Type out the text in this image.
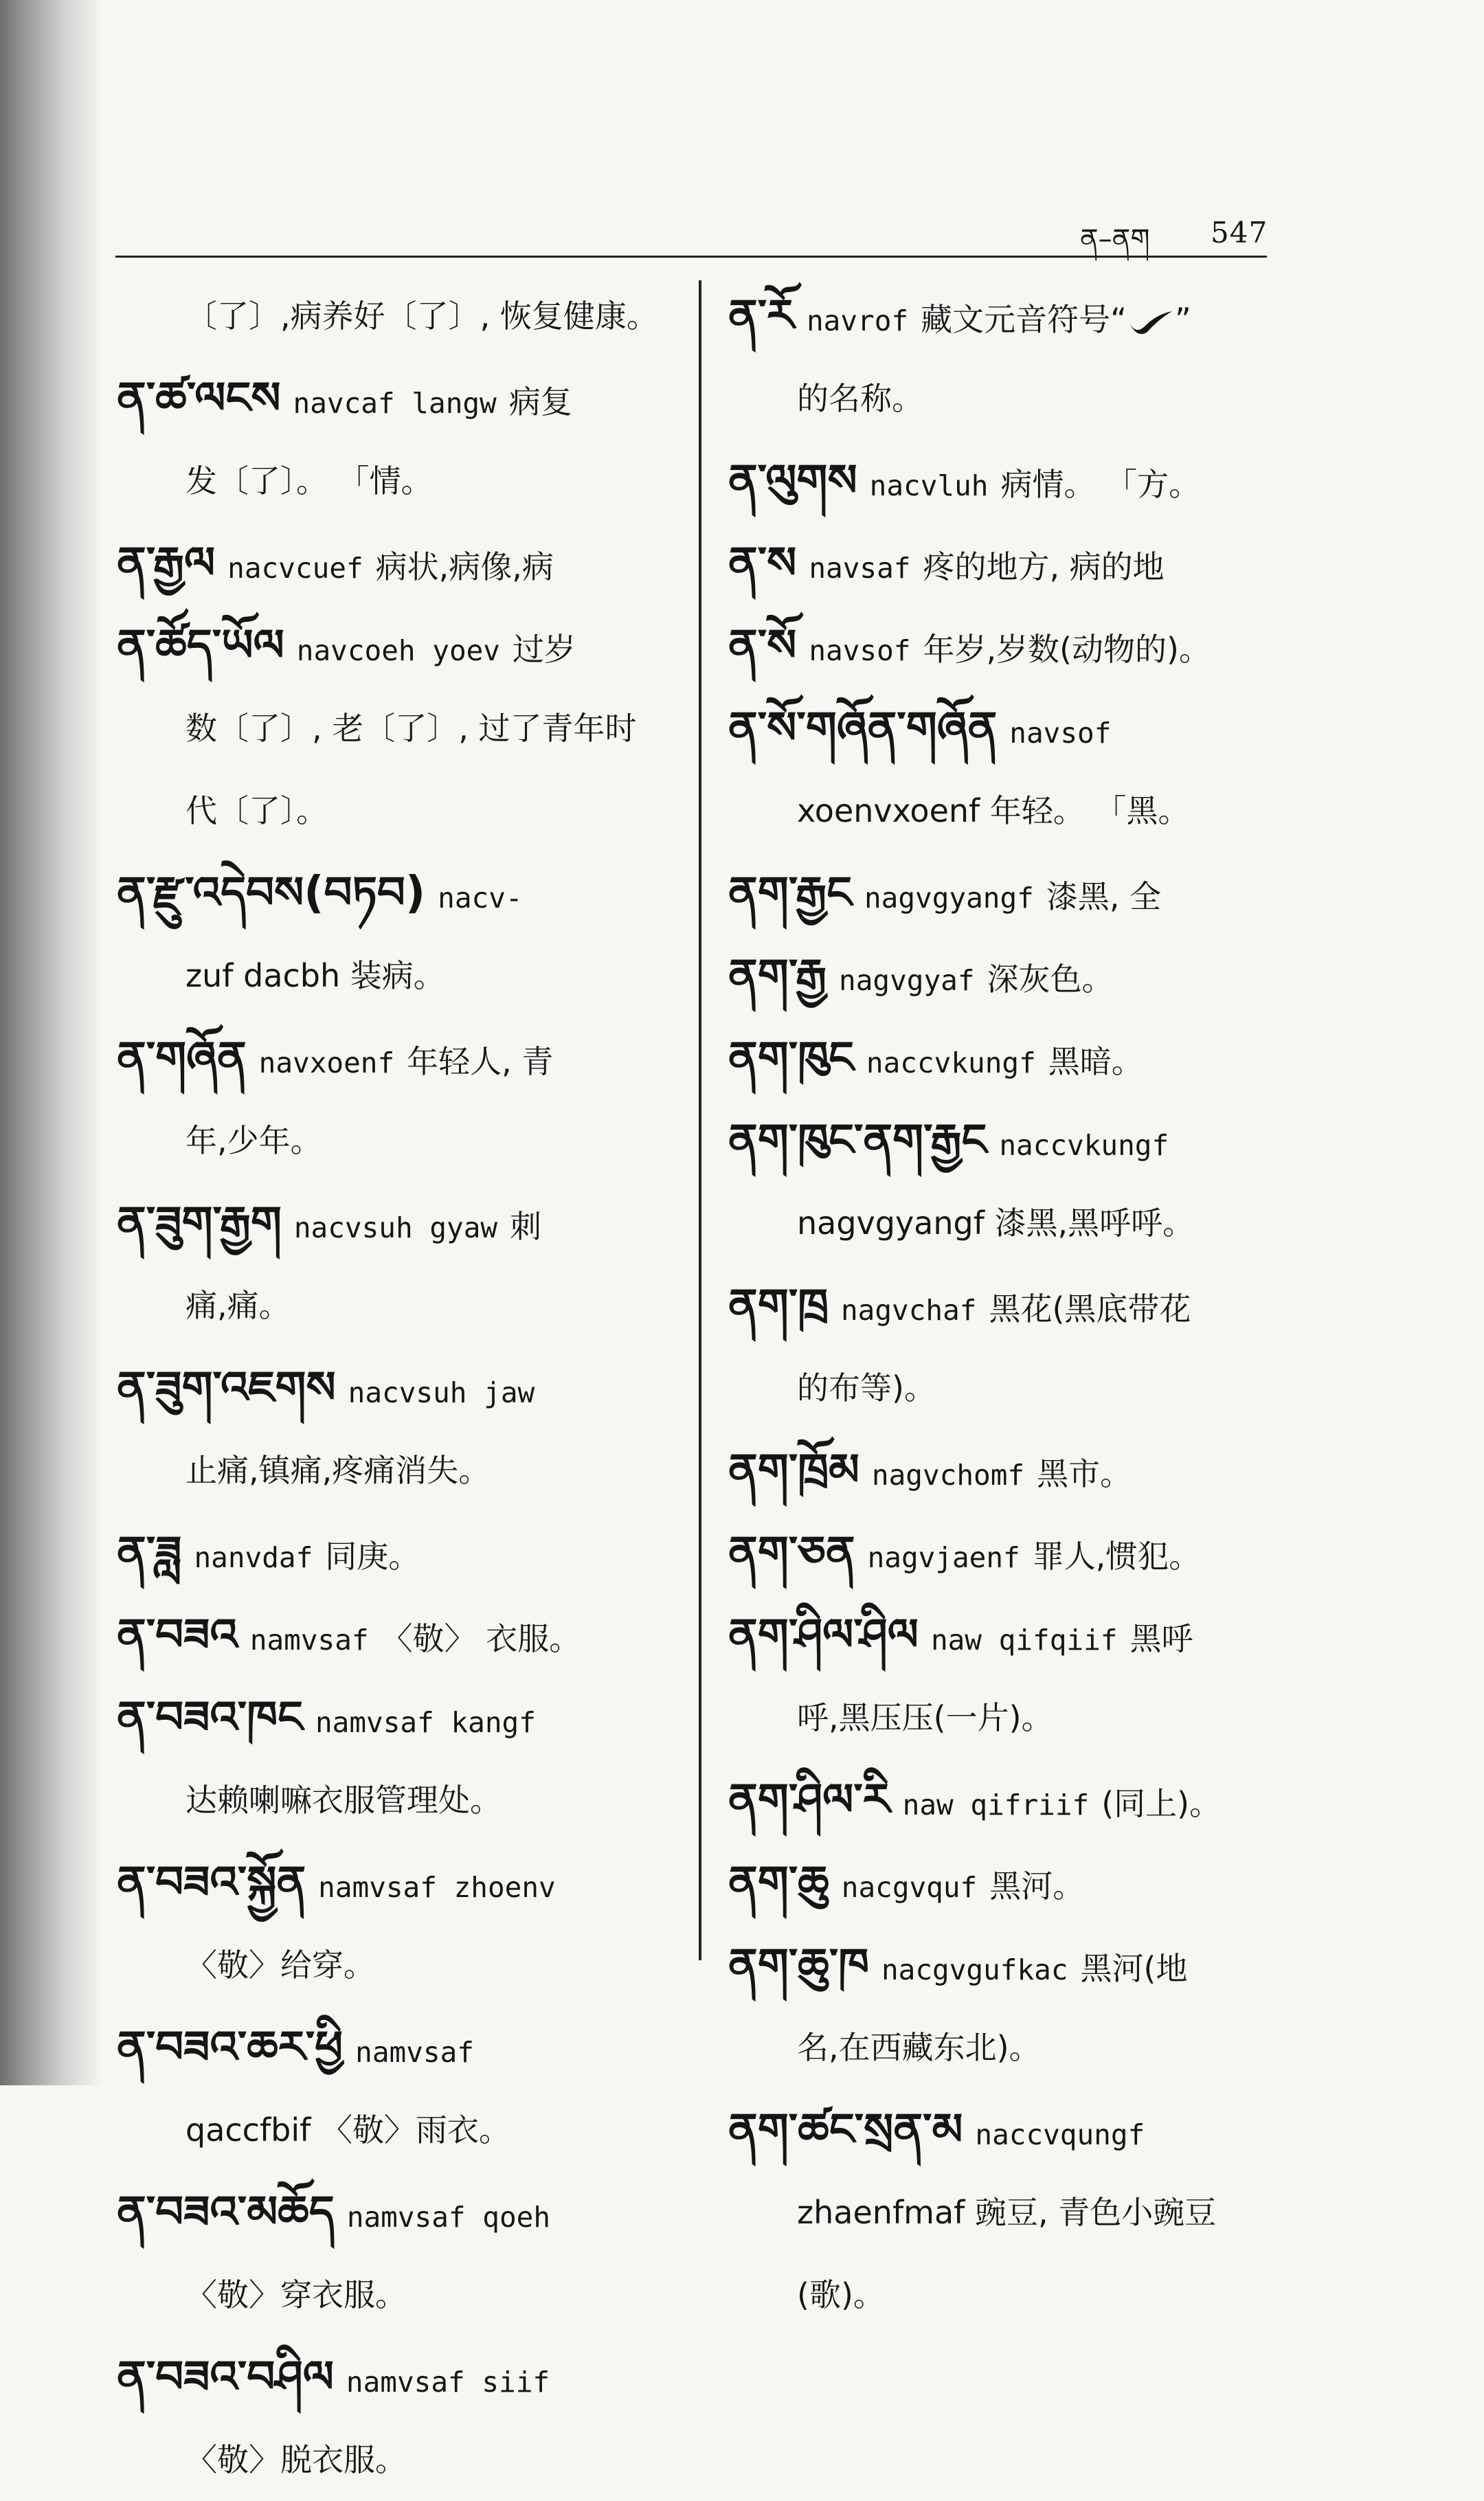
ན–ནག 547
〔了〕,病养好〔了〕, 恢复健康。
ན་ཚ་ལངས navcaf langw 病复
发〔了〕。 「情。
ན་རྒྱལ nacvcuef 病状,病像,病
ན་ཚོད་ཡོལ navcoeh yoev 过岁
数〔了〕, 老〔了〕, 过了青年时
代〔了〕。
ན་རྫུ་འདེབས(བཏབ) nacv-
zuf dacbh 装病。
ན་གཞོན navxoenf 年轻人, 青
年,少年。
ན་ཟུག་རྒྱག nacvsuh gyaw 刺
痛,痛。
ན་ཟུག་འཇགས nacvsuh jaw
止痛,镇痛,疼痛消失。
ན་ཟླ nanvdaf 同庚。
ན་བཟའ namvsaf 〈敬〉 衣服。
ན་བཟའ་ཁང namvsaf kangf
达赖喇嘛衣服管理处。
ན་བཟའ་སྐྱོན namvsaf zhoenv
〈敬〉给穿。
ན་བཟའ་ཆར་ཕྱི namvsaf
qaccfbif 〈敬〉雨衣。
ན་བཟའ་མཆོད namvsaf qoeh
〈敬〉穿衣服。
ན་བཟའ་བཤིལ namvsaf siif
〈敬〉脱衣服。
ན་རོ navrof 藏文元音符号“ ”
的名称。
ན་ལུགས nacvluh 病情。 「方。
ན་ས navsaf 疼的地方, 病的地
ན་སོ navsof 年岁,岁数(动物的)。
ན་སོ་གཞོན་གཞོན navsof
xoenvxoenf 年轻。 「黑。
ནག་རྒྱང nagvgyangf 漆黑, 全
ནག་རྒྱ nagvgyaf 深灰色。
ནག་ཁུང naccvkungf 黑暗。
ནག་ཁུང་ནག་རྒྱང naccvkungf
nagvgyangf 漆黑,黑呼呼。
ནག་ཁྲ nagvchaf 黑花(黑底带花
的布等)。
ནག་ཁྲོམ nagvchomf 黑市。
ནག་ཅན nagvjaenf 罪人,惯犯。
ནག་ཤིལ་ཤིལ naw qifqiif 黑呼
呼,黑压压(一片)。
ནག་ཤིལ་རི naw qifriif (同上)。
ནག་ཆུ nacgvquf 黑河。
ནག་ཆུ་ཁ nacgvgufkac 黑河(地
名,在西藏东北)。
ནག་ཚང་སྲན་མ naccvqungf
zhaenfmaf 豌豆, 青色小豌豆
(歌)。
